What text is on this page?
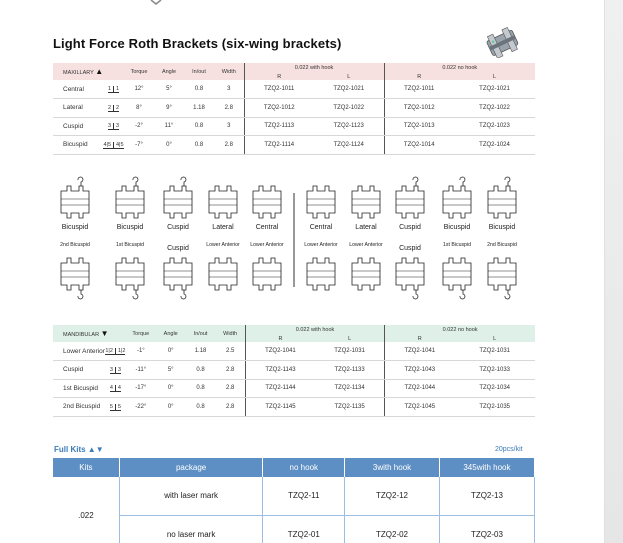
Light Force Roth Brackets (six-wing brackets)
MAXILLARY ▲		Torque	Angle	In/out	Width	0.022 with hook		0.022 no hook	
						R	L	R	L
Central	1 1	12°	5°	0.8	3	TZQ2-1011	TZQ2-1021	TZQ2-1011	TZQ2-1021
Lateral	2 2	8°	9°	1.18	2.8	TZQ2-1012	TZQ2-1022	TZQ2-1012	TZQ2-1022
Cuspid	3 3	-2°	11°	0.8	3	TZQ2-1113	TZQ2-1123	TZQ2-1013	TZQ2-1023
Bicuspid	4|5 4|5	-7°	0°	0.8	2.8	TZQ2-1114	TZQ2-1124	TZQ2-1014	TZQ2-1024
Bicuspid	Bicuspid	Cuspid	Lateral	Central	Central	Lateral	Cuspid	Bicuspid	Bicuspid
2nd Bicuspid	1st Bicuspid	Cuspid	Lower Anterior	Lower Anterior	Lower Anterior	Lower Anterior	Cuspid	1st Bicuspid	2nd Bicuspid
MANDIBULAR ▼		Torque	Angle	In/out	Width	0.022 with hook		0.022 no hook	
						R	L	R	L
Lower Anterior	1|2 1|2	-1°	0°	1.18	2.5	TZQ2-1041	TZQ2-1031	TZQ2-1041	TZQ2-1031
Cuspid	3 3	-11°	5°	0.8	2.8	TZQ2-1143	TZQ2-1133	TZQ2-1043	TZQ2-1033
1st Bicuspid	4 4	-17°	0°	0.8	2.8	TZQ2-1144	TZQ2-1134	TZQ2-1044	TZQ2-1034
2nd Bicuspid	5 5	-22°	0°	0.8	2.8	TZQ2-1145	TZQ2-1135	TZQ2-1045	TZQ2-1035
Full Kits ▲▼	20pcs/kit
Kits	package	no hook	3with hook	345with hook
.022	with laser mark	TZQ2-11	TZQ2-12	TZQ2-13
	no laser mark	TZQ2-01	TZQ2-02	TZQ2-03
